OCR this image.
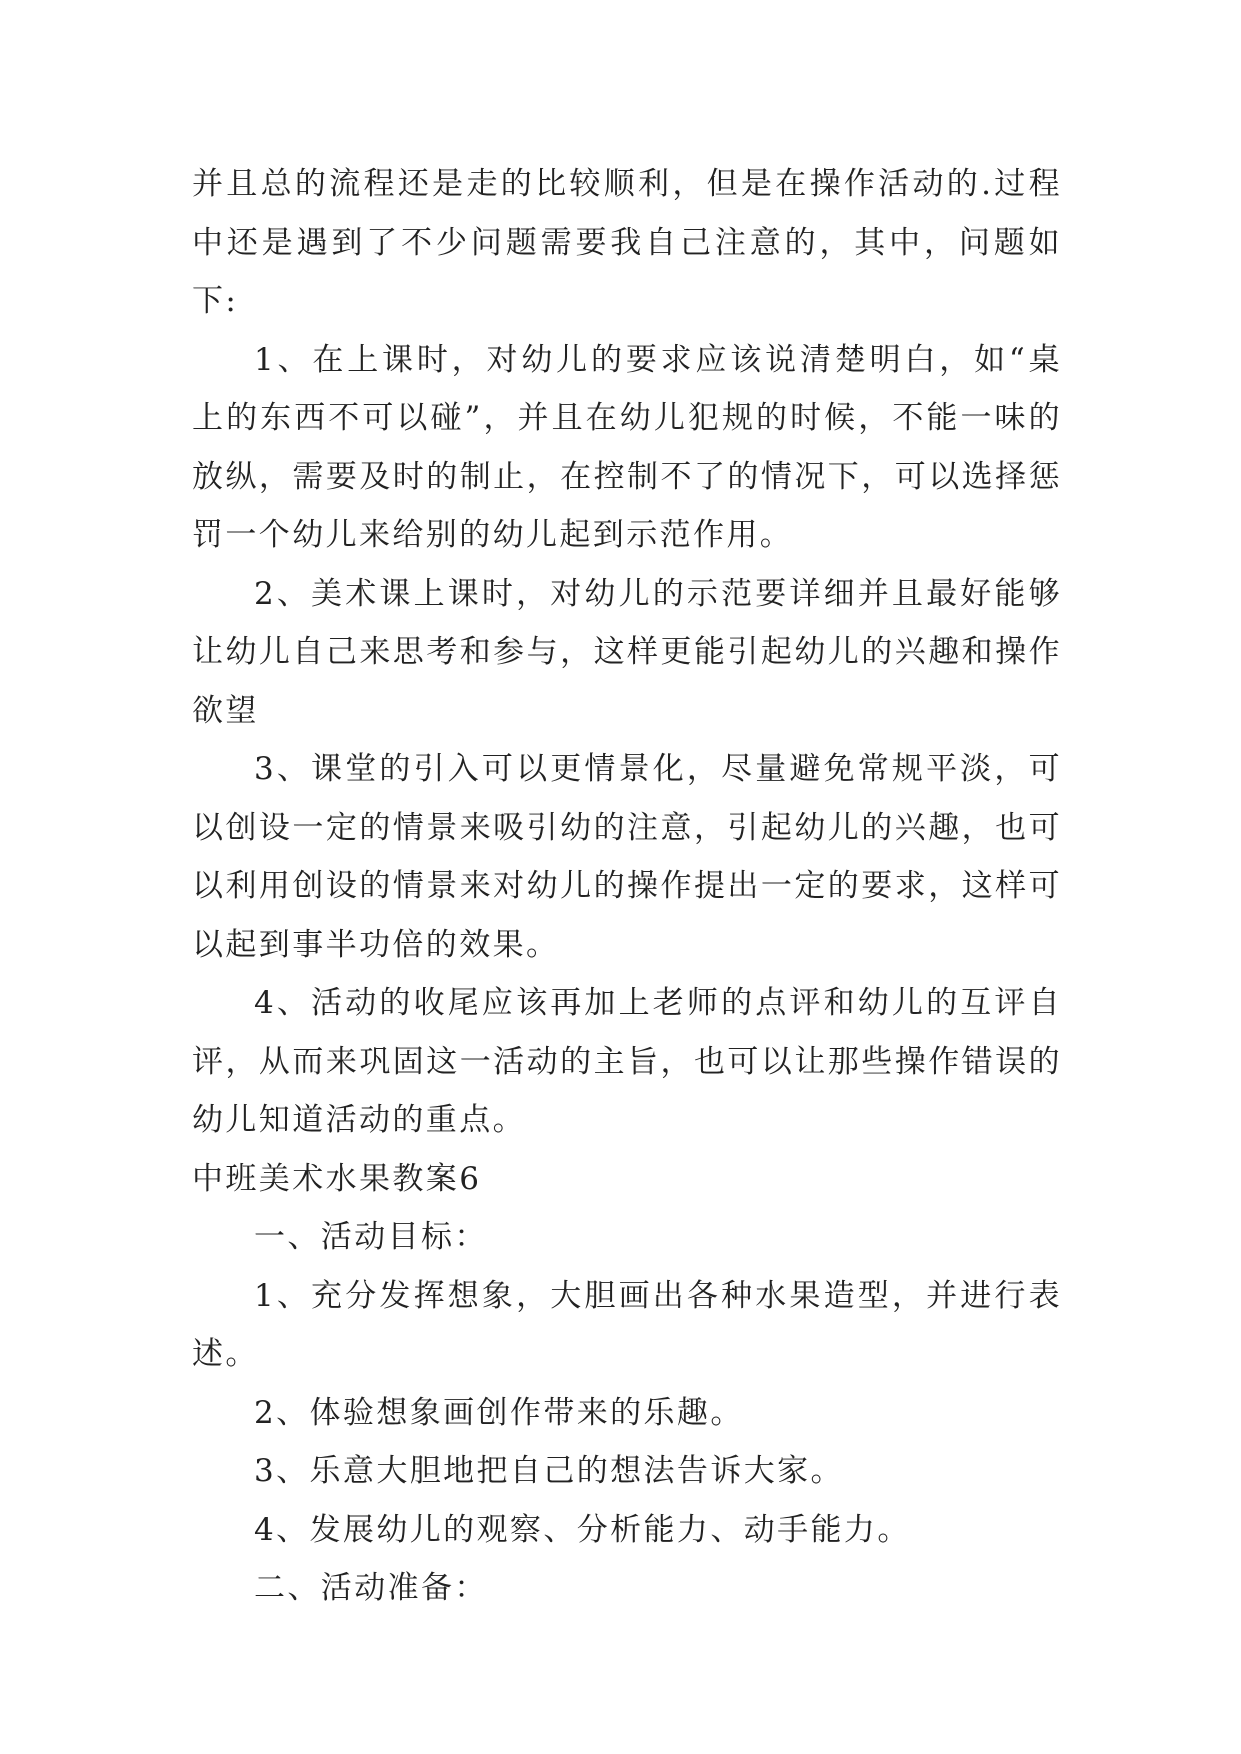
并且总的流程还是走的比较顺利，但是在操作活动的.过程中还是遇到了不少问题需要我自己注意的，其中，问题如下:

1、在上课时，对幼儿的要求应该说清楚明白，如“桌上的东西不可以碰”，并且在幼儿犯规的时候，不能一味的放纵，需要及时的制止，在控制不了的情况下，可以选择惩罚一个幼儿来给别的幼儿起到示范作用。

2、美术课上课时，对幼儿的示范要详细并且最好能够让幼儿自己来思考和参与，这样更能引起幼儿的兴趣和操作欲望

3、课堂的引入可以更情景化，尽量避免常规平淡，可以创设一定的情景来吸引幼的注意，引起幼儿的兴趣，也可以利用创设的情景来对幼儿的操作提出一定的要求，这样可以起到事半功倍的效果。

4、活动的收尾应该再加上老师的点评和幼儿的互评自评，从而来巩固这一活动的主旨，也可以让那些操作错误的幼儿知道活动的重点。

中班美术水果教案6

一、活动目标：

1、充分发挥想象，大胆画出各种水果造型，并进行表述。

2、体验想象画创作带来的乐趣。

3、乐意大胆地把自己的想法告诉大家。

4、发展幼儿的观察、分析能力、动手能力。

二、活动准备：
